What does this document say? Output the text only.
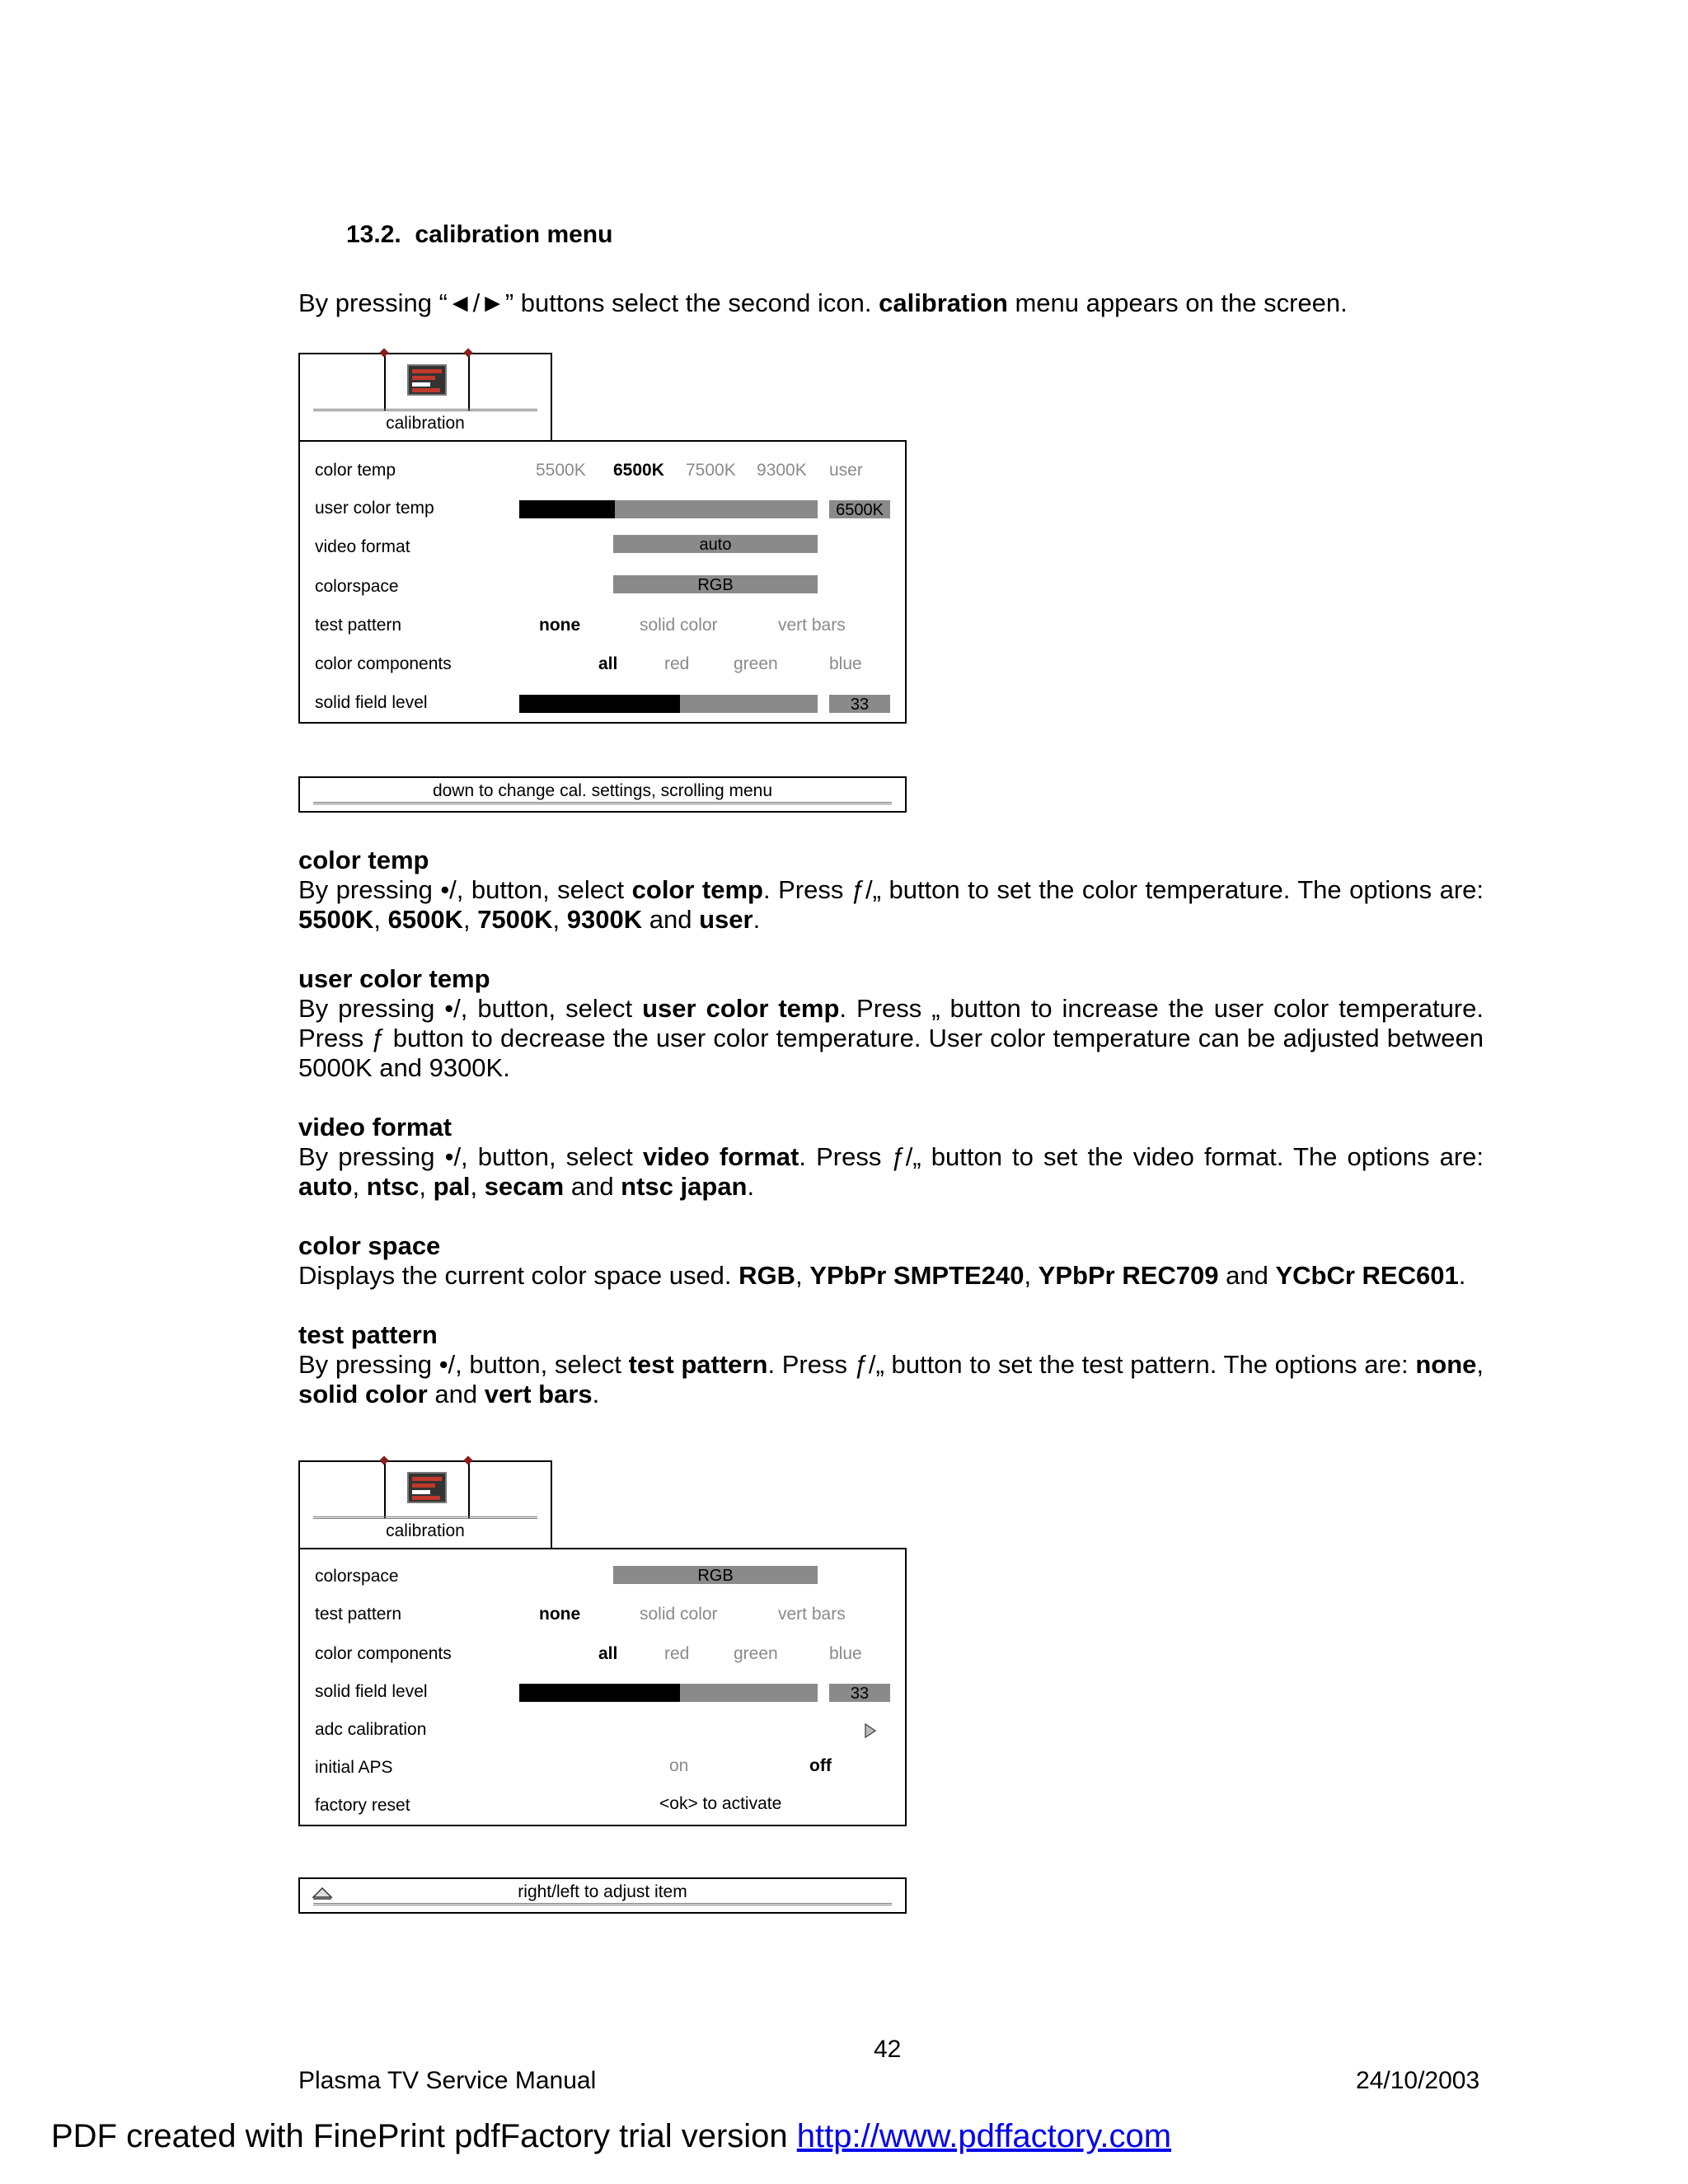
13.2. calibration menu
By pressing “◄/►” buttons select the second icon. calibration menu appears on the screen.
calibration
color temp	5500K 6500K 7500K 9300K user
user color temp	6500K
video format	auto
colorspace	RGB
test pattern	none	solid color	vert bars
color components	all	red	green	blue
solid field level	33
down to change cal. settings, scrolling menu
color temp
By pressing •/, button, select color temp. Press ƒ/„ button to set the color temperature. The options are: 5500K, 6500K, 7500K, 9300K and user.
user color temp
By pressing •/, button, select user color temp. Press „ button to increase the user color temperature. Press ƒ button to decrease the user color temperature. User color temperature can be adjusted between 5000K and 9300K.
video format
By pressing •/, button, select video format. Press ƒ/„ button to set the video format. The options are: auto, ntsc, pal, secam and ntsc japan.
color space
Displays the current color space used. RGB, YPbPr SMPTE240, YPbPr REC709 and YCbCr REC601.
test pattern
By pressing •/, button, select test pattern. Press ƒ/„ button to set the test pattern. The options are: none, solid color and vert bars.
calibration
colorspace	RGB
test pattern	none	solid color	vert bars
color components	all	red	green	blue
solid field level	33
adc calibration
initial APS	on	off
factory reset	<ok> to activate
right/left to adjust item
42
Plasma TV Service Manual	24/10/2003
PDF created with FinePrint pdfFactory trial version http://www.pdffactory.com
